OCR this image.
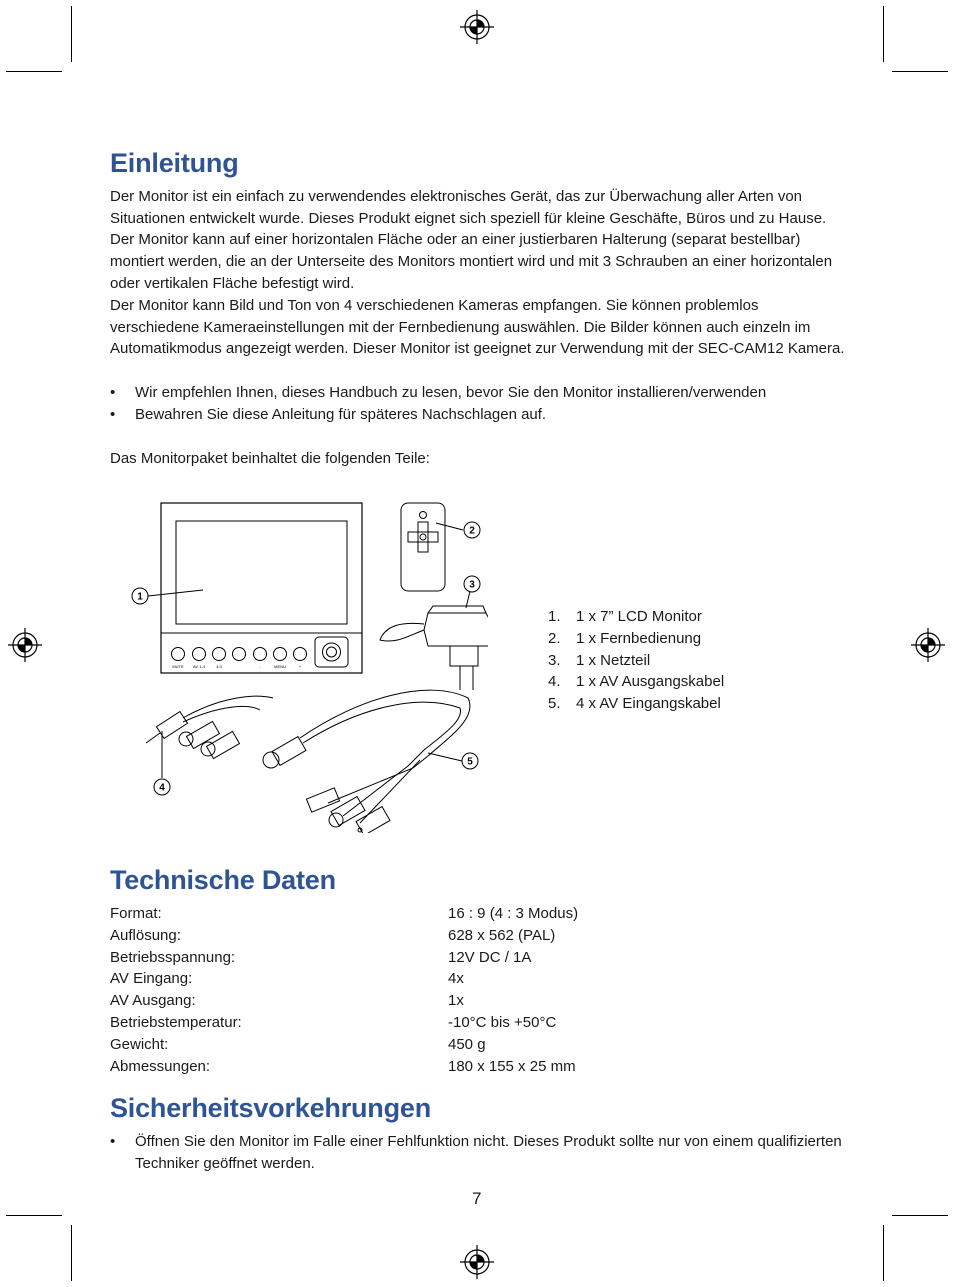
Einleitung

Der Monitor ist ein einfach zu verwendendes elektronisches Gerät, das zur Überwachung aller Arten von Situationen entwickelt wurde. Dieses Produkt eignet sich speziell für kleine Geschäfte, Büros und zu Hause. Der Monitor kann auf einer horizontalen Fläche oder an einer justierbaren Halterung (separat bestellbar) montiert werden, die an der Unterseite des Monitors montiert wird und mit 3 Schrauben an einer horizontalen oder vertikalen Fläche befestigt wird.

Der Monitor kann Bild und Ton von 4 verschiedenen Kameras empfangen. Sie können problemlos verschiedene Kameraeinstellungen mit der Fernbedienung auswählen. Die Bilder können auch einzeln im Automatikmodus angezeigt werden. Dieser Monitor ist geeignet zur Verwendung mit der SEC-CAM12 Kamera.

• Wir empfehlen Ihnen, dieses Handbuch zu lesen, bevor Sie den Monitor installieren/verwenden
• Bewahren Sie diese Anleitung für späteres Nachschlagen auf.

Das Monitorpaket beinhaltet die folgenden Teile:

MUTE AV 1-4	4:3	-	MENU	+
1
2
3
4
5
1. 1 x 7” LCD Monitor
2. 1 x Fernbedienung
3. 1 x Netzteil
4. 1 x AV Ausgangskabel
5. 4 x AV Eingangskabel
Technische Daten
Format:	16 : 9 (4 : 3 Modus)
Auflösung:	628 x 562 (PAL)
Betriebsspannung:	12V DC / 1A
AV Eingang:	4x
AV Ausgang:	1x
Betriebstemperatur:	-10°C bis +50°C
Gewicht:	450 g
Abmessungen:	180 x 155 x 25 mm
Sicherheitsvorkehrungen
• Öffnen Sie den Monitor im Falle einer Fehlfunktion nicht. Dieses Produkt sollte nur von einem qualifizierten Techniker geöffnet werden.
7
